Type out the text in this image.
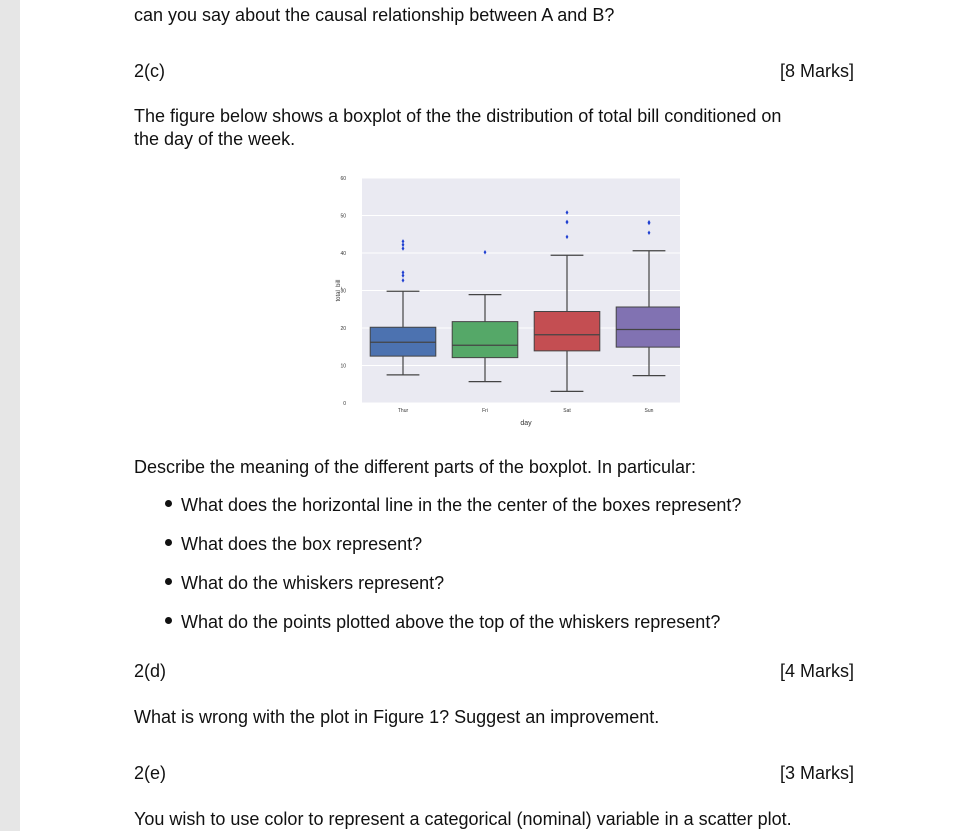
can you say about the causal relationship between A and B?
2(c)	[8 Marks]
The figure below shows a boxplot of the the distribution of total bill conditioned on
the day of the week.
0
10
20
30
40
50
60
Thur	Fri	Sat	Sun
day
total_bill
Describe the meaning of the different parts of the boxplot. In particular:
What does the horizontal line in the the center of the boxes represent?
What does the box represent?
What do the whiskers represent?
What do the points plotted above the top of the whiskers represent?
2(d)	[4 Marks]
What is wrong with the plot in Figure 1? Suggest an improvement.
2(e)	[3 Marks]
You wish to use color to represent a categorical (nominal) variable in a scatter plot.
